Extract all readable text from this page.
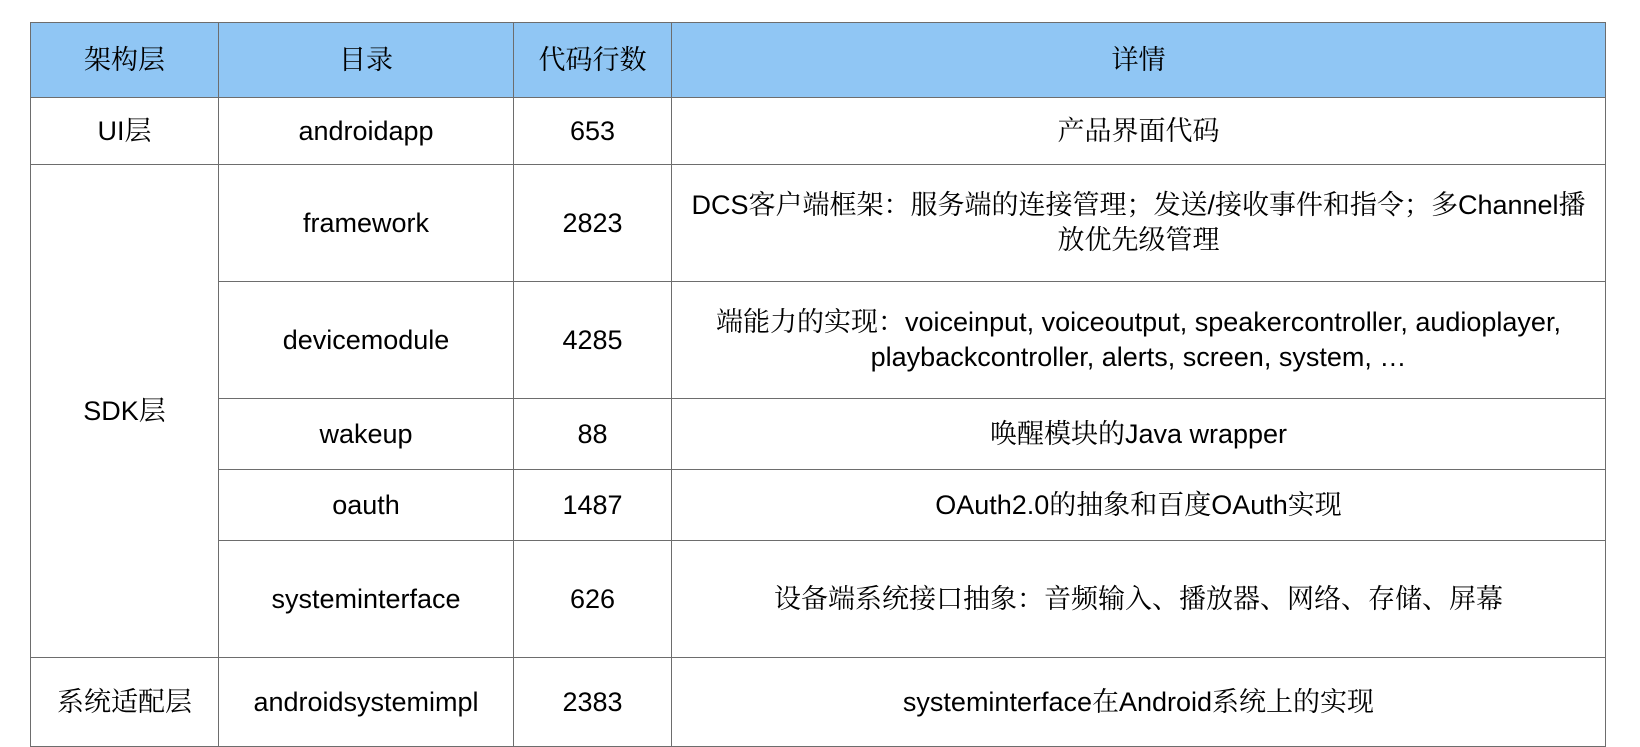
架构层	目录	代码行数	详情
UI层	androidapp	653	产品界面代码
SDK层	framework	2823	DCS客户端框架：服务端的连接管理；发送/接收事件和指令；多Channel播放优先级管理
	devicemodule	4285	端能力的实现：voiceinput, voiceoutput, speakercontroller, audioplayer, playbackcontroller, alerts, screen, system, …
	wakeup	88	唤醒模块的Java wrapper
	oauth	1487	OAuth2.0的抽象和百度OAuth实现
	systeminterface	626	设备端系统接口抽象：音频输入、播放器、网络、存储、屏幕
系统适配层	androidsystemimpl	2383	systeminterface在Android系统上的实现
